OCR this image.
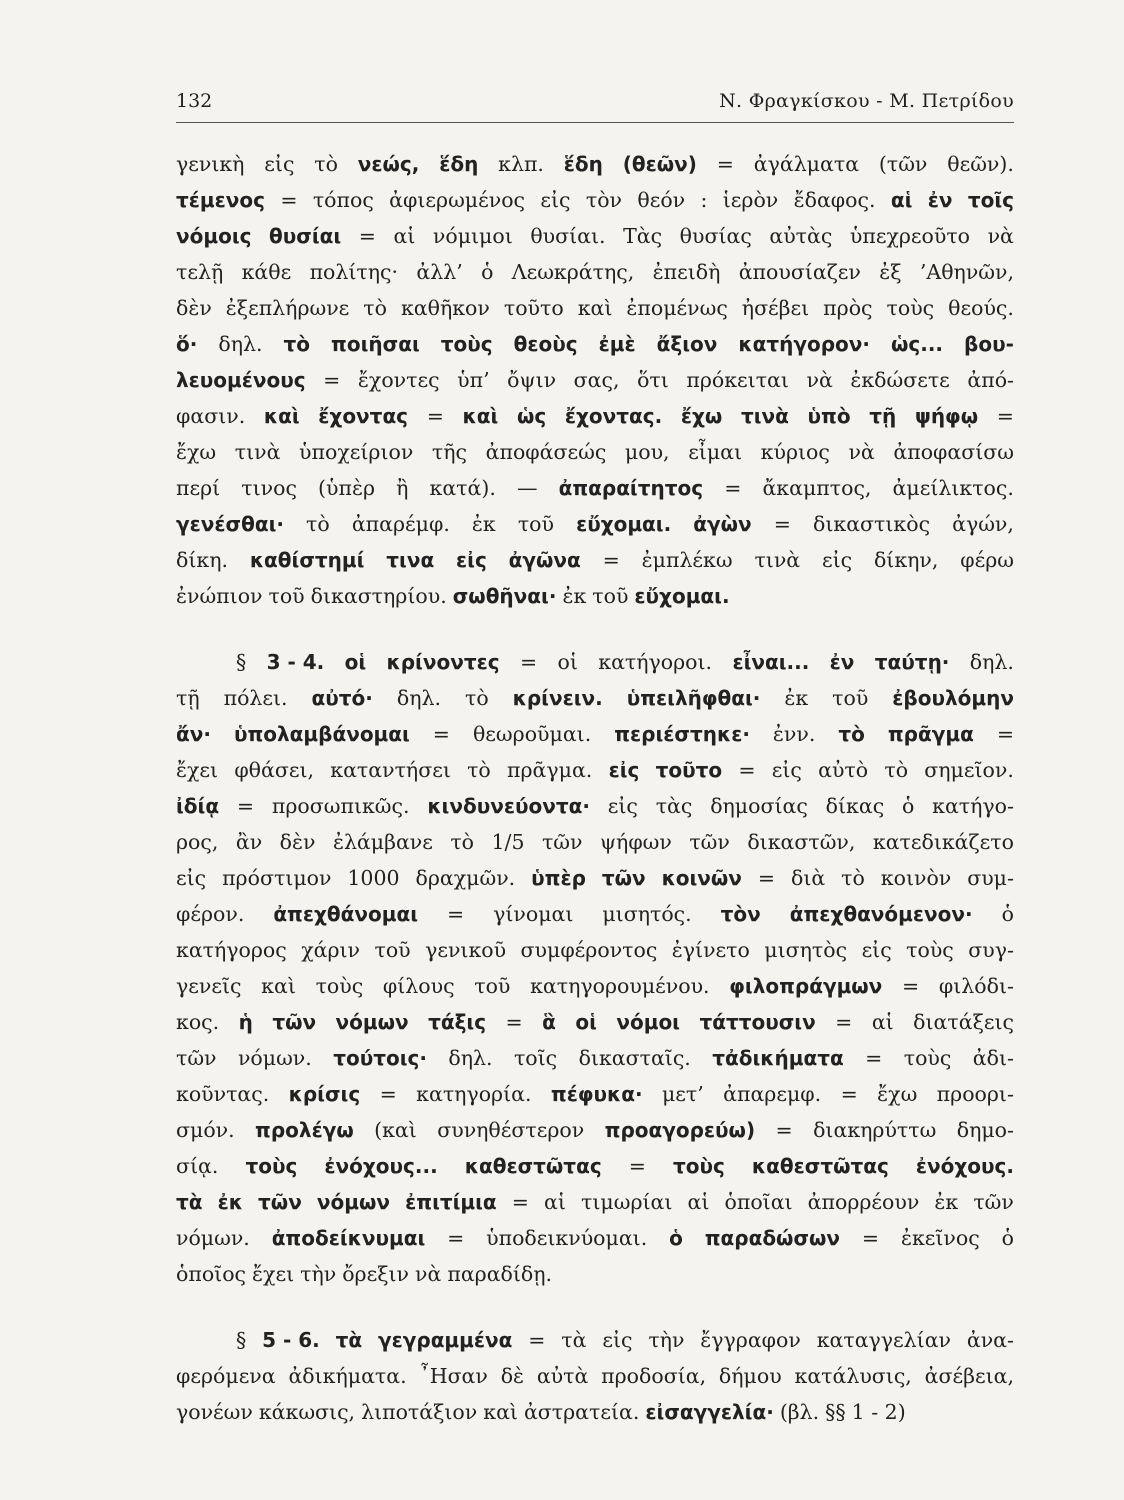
132	Ν. Φραγκίσκου - Μ. Πετρίδου
γενικὴ εἰς τὸ νεώς, ἕδη κλπ. ἕδη (θεῶν) = ἀγάλματα (τῶν θεῶν).
τέμενος = τόπος ἀφιερωμένος εἰς τὸν θεόν : ἱερὸν ἔδαφος. αἱ ἐν τοῖς
νόμοις θυσίαι = αἱ νόμιμοι θυσίαι. Τὰς θυσίας αὐτὰς ὑπεχρεοῦτο νὰ
τελῇ κάθε πολίτης· ἀλλ’ ὁ Λεωκράτης, ἐπειδὴ ἀπουσίαζεν ἐξ ’Αθηνῶν,
δὲν ἐξεπλήρωνε τὸ καθῆκον τοῦτο καὶ ἐπομένως ἠσέβει πρὸς τοὺς θεούς.
ὅ· δηλ. τὸ ποιῆσαι τοὺς θεοὺς ἐμὲ ἄξιον κατήγορον· ὡς... βου-
λευομένους = ἔχοντες ὑπ’ ὄψιν σας, ὅτι πρόκειται νὰ ἐκδώσετε ἀπό-
φασιν. καὶ ἔχοντας = καὶ ὡς ἔχοντας. ἔχω τινὰ ὑπὸ τῇ ψήφῳ =
ἔχω τινὰ ὑποχείριον τῆς ἀποφάσεώς μου, εἶμαι κύριος νὰ ἀποφασίσω
περί τινος (ὑπὲρ ἢ κατά). — ἀπαραίτητος = ἄκαμπτος, ἀμείλικτος.
γενέσθαι· τὸ ἀπαρέμφ. ἐκ τοῦ εὔχομαι. ἀγὼν = δικαστικὸς ἀγών,
δίκη. καθίστημί τινα εἰς ἀγῶνα = ἐμπλέκω τινὰ εἰς δίκην, φέρω
ἐνώπιον τοῦ δικαστηρίου. σωθῆναι· ἐκ τοῦ εὔχομαι.
§ 3 - 4. οἱ κρίνοντες = οἱ κατήγοροι. εἶναι... ἐν ταύτῃ· δηλ.
τῇ πόλει. αὐτό· δηλ. τὸ κρίνειν. ὑπειλῆφθαι· ἐκ τοῦ ἐβουλόμην
ἄν· ὑπολαμβάνομαι = θεωροῦμαι. περιέστηκε· ἐνν. τὸ πρᾶγμα =
ἔχει φθάσει, καταντήσει τὸ πρᾶγμα. εἰς τοῦτο = εἰς αὐτὸ τὸ σημεῖον.
ἰδίᾳ = προσωπικῶς. κινδυνεύοντα· εἰς τὰς δημοσίας δίκας ὁ κατήγο-
ρος, ἂν δὲν ἐλάμβανε τὸ 1/5 τῶν ψήφων τῶν δικαστῶν, κατεδικάζετο
εἰς πρόστιμον 1000 δραχμῶν. ὑπὲρ τῶν κοινῶν = διὰ τὸ κοινὸν συμ-
φέρον. ἀπεχθάνομαι = γίνομαι μισητός. τὸν ἀπεχθανόμενον· ὁ
κατήγορος χάριν τοῦ γενικοῦ συμφέροντος ἐγίνετο μισητὸς εἰς τοὺς συγ-
γενεῖς καὶ τοὺς φίλους τοῦ κατηγορουμένου. φιλοπράγμων = φιλόδι-
κος. ἡ τῶν νόμων τάξις = ἃ οἱ νόμοι τάττουσιν = αἱ διατάξεις
τῶν νόμων. τούτοις· δηλ. τοῖς δικασταῖς. τἀδικήματα = τοὺς ἀδι-
κοῦντας. κρίσις = κατηγορία. πέφυκα· μετ’ ἀπαρεμφ. = ἔχω προορι-
σμόν. προλέγω (καὶ συνηθέστερον προαγορεύω) = διακηρύττω δημο-
σίᾳ. τοὺς ἐνόχους... καθεστῶτας = τοὺς καθεστῶτας ἐνόχους.
τὰ ἐκ τῶν νόμων ἐπιτίμια = αἱ τιμωρίαι αἱ ὁποῖαι ἀπορρέουν ἐκ τῶν
νόμων. ἀποδείκνυμαι = ὑποδεικνύομαι. ὁ παραδώσων = ἐκεῖνος ὁ
ὁποῖος ἔχει τὴν ὄρεξιν νὰ παραδίδῃ.
§ 5 - 6. τὰ γεγραμμένα = τὰ εἰς τὴν ἔγγραφον καταγγελίαν ἀνα-
φερόμενα ἀδικήματα. ῏Ησαν δὲ αὐτὰ προδοσία, δήμου κατάλυσις, ἀσέβεια,
γονέων κάκωσις, λιποτάξιον καὶ ἀστρατεία. εἰσαγγελία· (βλ. §§ 1 - 2)
